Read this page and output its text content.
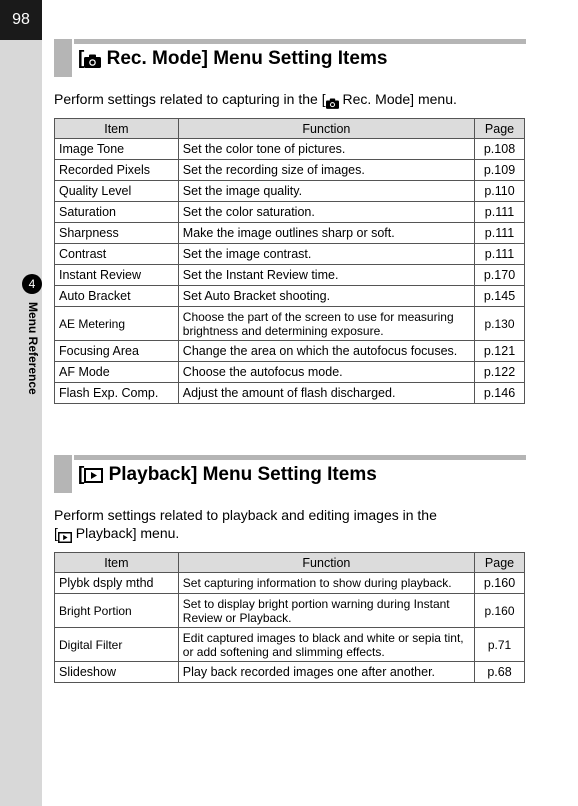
98
4
Menu Reference
[ Rec. Mode] Menu Setting Items
Perform settings related to capturing in the [ Rec. Mode] menu.
Item	Function	Page
Image Tone	Set the color tone of pictures.	p.108
Recorded Pixels	Set the recording size of images.	p.109
Quality Level	Set the image quality.	p.110
Saturation	Set the color saturation.	p.111
Sharpness	Make the image outlines sharp or soft.	p.111
Contrast	Set the image contrast.	p.111
Instant Review	Set the Instant Review time.	p.170
Auto Bracket	Set Auto Bracket shooting.	p.145
AE Metering	Choose the part of the screen to use for measuring brightness and determining exposure.	p.130
Focusing Area	Change the area on which the autofocus focuses.	p.121
AF Mode	Choose the autofocus mode.	p.122
Flash Exp. Comp.	Adjust the amount of flash discharged.	p.146
[ Playback] Menu Setting Items
Perform settings related to playback and editing images in the
[ Playback] menu.
Item	Function	Page
Plybk dsply mthd	Set capturing information to show during playback.	p.160
Bright Portion	Set to display bright portion warning during Instant Review or Playback.	p.160
Digital Filter	Edit captured images to black and white or sepia tint, or add softening and slimming effects.	p.71
Slideshow	Play back recorded images one after another.	p.68
